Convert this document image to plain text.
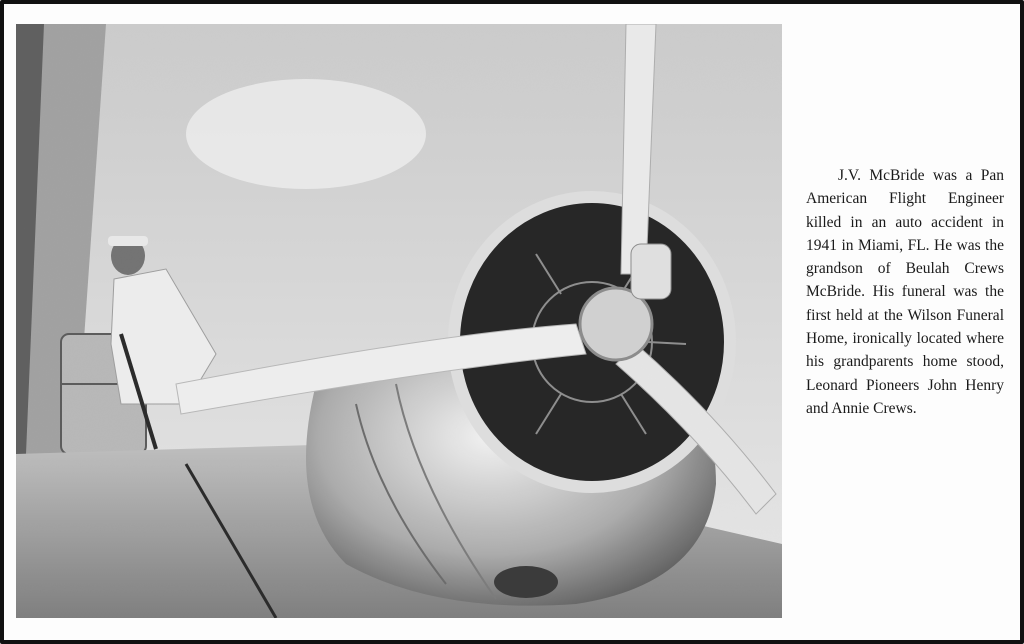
J.V. McBride was a Pan American Flight Engineer killed in an auto accident in 1941 in Miami, FL. He was the grandson of Beulah Crews McBride. His funeral was the first held at the Wilson Funeral Home, ironically located where his grandparents home stood, Leonard Pioneers John Henry and Annie Crews.
